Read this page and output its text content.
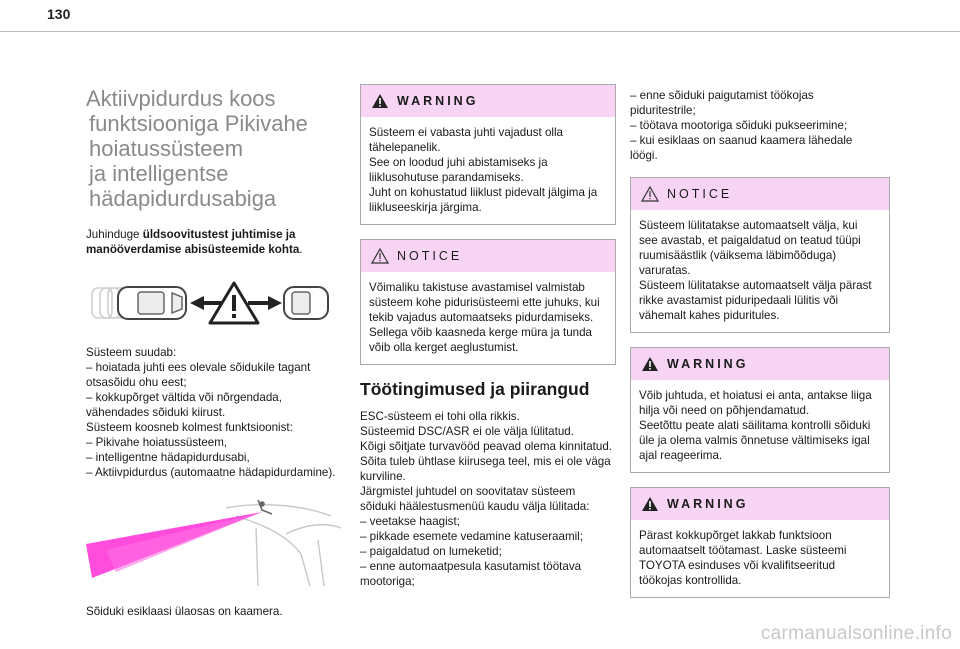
130
Aktiivpidurdus koos
funktsiooniga Pikivahe
hoiatussüsteem
ja intelligentse
hädapidurdusabiga
Juhinduge üldsoovitustest juhtimise ja manööverdamise abisüsteemide kohta.
Süsteem suudab:
– hoiatada juhti ees olevale sõidukile tagant
otsasõidu ohu eest;
– kokkupõrget vältida või nõrgendada,
vähendades sõiduki kiirust.
Süsteem koosneb kolmest funktsioonist:
– Pikivahe hoiatussüsteem,
– intelligentne hädapidurdusabi,
– Aktiivpidurdus (automaatne hädapidurdamine).
Sõiduki esiklaasi ülaosas on kaamera.
WARNING
Süsteem ei vabasta juhti vajadust olla
tähelepanelik.
See on loodud juhi abistamiseks ja
liiklusohutuse parandamiseks.
Juht on kohustatud liiklust pidevalt jälgima ja
liikluseeskirja järgima.
NOTICE
Võimaliku takistuse avastamisel valmistab
süsteem kohe pidurisüsteemi ette juhuks, kui
tekib vajadus automaatseks pidurdamiseks.
Sellega võib kaasneda kerge müra ja tunda
võib olla kerget aeglustumist.
Töötingimused ja piirangud
ESC-süsteem ei tohi olla rikkis.
Süsteemid DSC/ASR ei ole välja lülitatud.
Kõigi sõitjate turvavööd peavad olema kinnitatud.
Sõita tuleb ühtlase kiirusega teel, mis ei ole väga
kurviline.
Järgmistel juhtudel on soovitatav süsteem
sõiduki häälestusmenüü kaudu välja lülitada:
– veetakse haagist;
– pikkade esemete vedamine katuseraamil;
– paigaldatud on lumeketid;
– enne automaatpesula kasutamist töötava
mootoriga;
– enne sõiduki paigutamist töökojas
piduritestrile;
– töötava mootoriga sõiduki pukseerimine;
– kui esiklaas on saanud kaamera lähedale
löögi.
NOTICE
Süsteem lülitatakse automaatselt välja, kui
see avastab, et paigaldatud on teatud tüüpi
ruumisäästlik (väiksema läbimõõduga)
varuratas.
Süsteem lülitatakse automaatselt välja pärast
rikke avastamist piduripedaali lülitis või
vähemalt kahes piduritules.
WARNING
Võib juhtuda, et hoiatusi ei anta, antakse liiga
hilja või need on põhjendamatud.
Seetõttu peate alati säilitama kontrolli sõiduki
üle ja olema valmis õnnetuse vältimiseks igal
ajal reageerima.
WARNING
Pärast kokkupõrget lakkab funktsioon
automaatselt töötamast. Laske süsteemi
TOYOTA esinduses või kvalifitseeritud
töökojas kontrollida.
carmanualsonline.info
